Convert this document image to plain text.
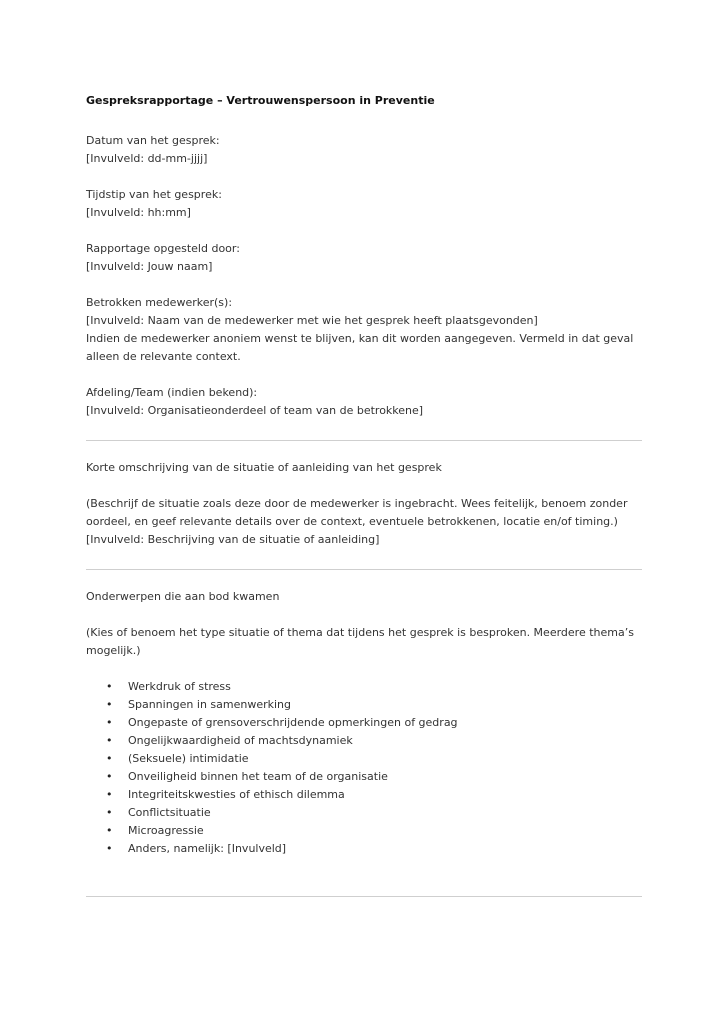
Gespreksrapportage – Vertrouwenspersoon in Preventie

Datum van het gesprek:

[Invulveld: dd-mm-jjjj]

Tijdstip van het gesprek:

[Invulveld: hh:mm]

Rapportage opgesteld door:

[Invulveld: Jouw naam]

Betrokken medewerker(s):

[Invulveld: Naam van de medewerker met wie het gesprek heeft plaatsgevonden]

Indien de medewerker anoniem wenst te blijven, kan dit worden aangegeven. Vermeld in dat geval alleen de relevante context.

Afdeling/Team (indien bekend):

[Invulveld: Organisatieonderdeel of team van de betrokkene]

Korte omschrijving van de situatie of aanleiding van het gesprek

(Beschrijf de situatie zoals deze door de medewerker is ingebracht. Wees feitelijk, benoem zonder oordeel, en geef relevante details over de context, eventuele betrokkenen, locatie en/of timing.)

[Invulveld: Beschrijving van de situatie of aanleiding]

Onderwerpen die aan bod kwamen

(Kies of benoem het type situatie of thema dat tijdens het gesprek is besproken. Meerdere thema’s mogelijk.)

• Werkdruk of stress
• Spanningen in samenwerking
• Ongepaste of grensoverschrijdende opmerkingen of gedrag
• Ongelijkwaardigheid of machtsdynamiek
• (Seksuele) intimidatie
• Onveiligheid binnen het team of de organisatie
• Integriteitskwesties of ethisch dilemma
• Conflictsituatie
• Microagressie
• Anders, namelijk: [Invulveld]
